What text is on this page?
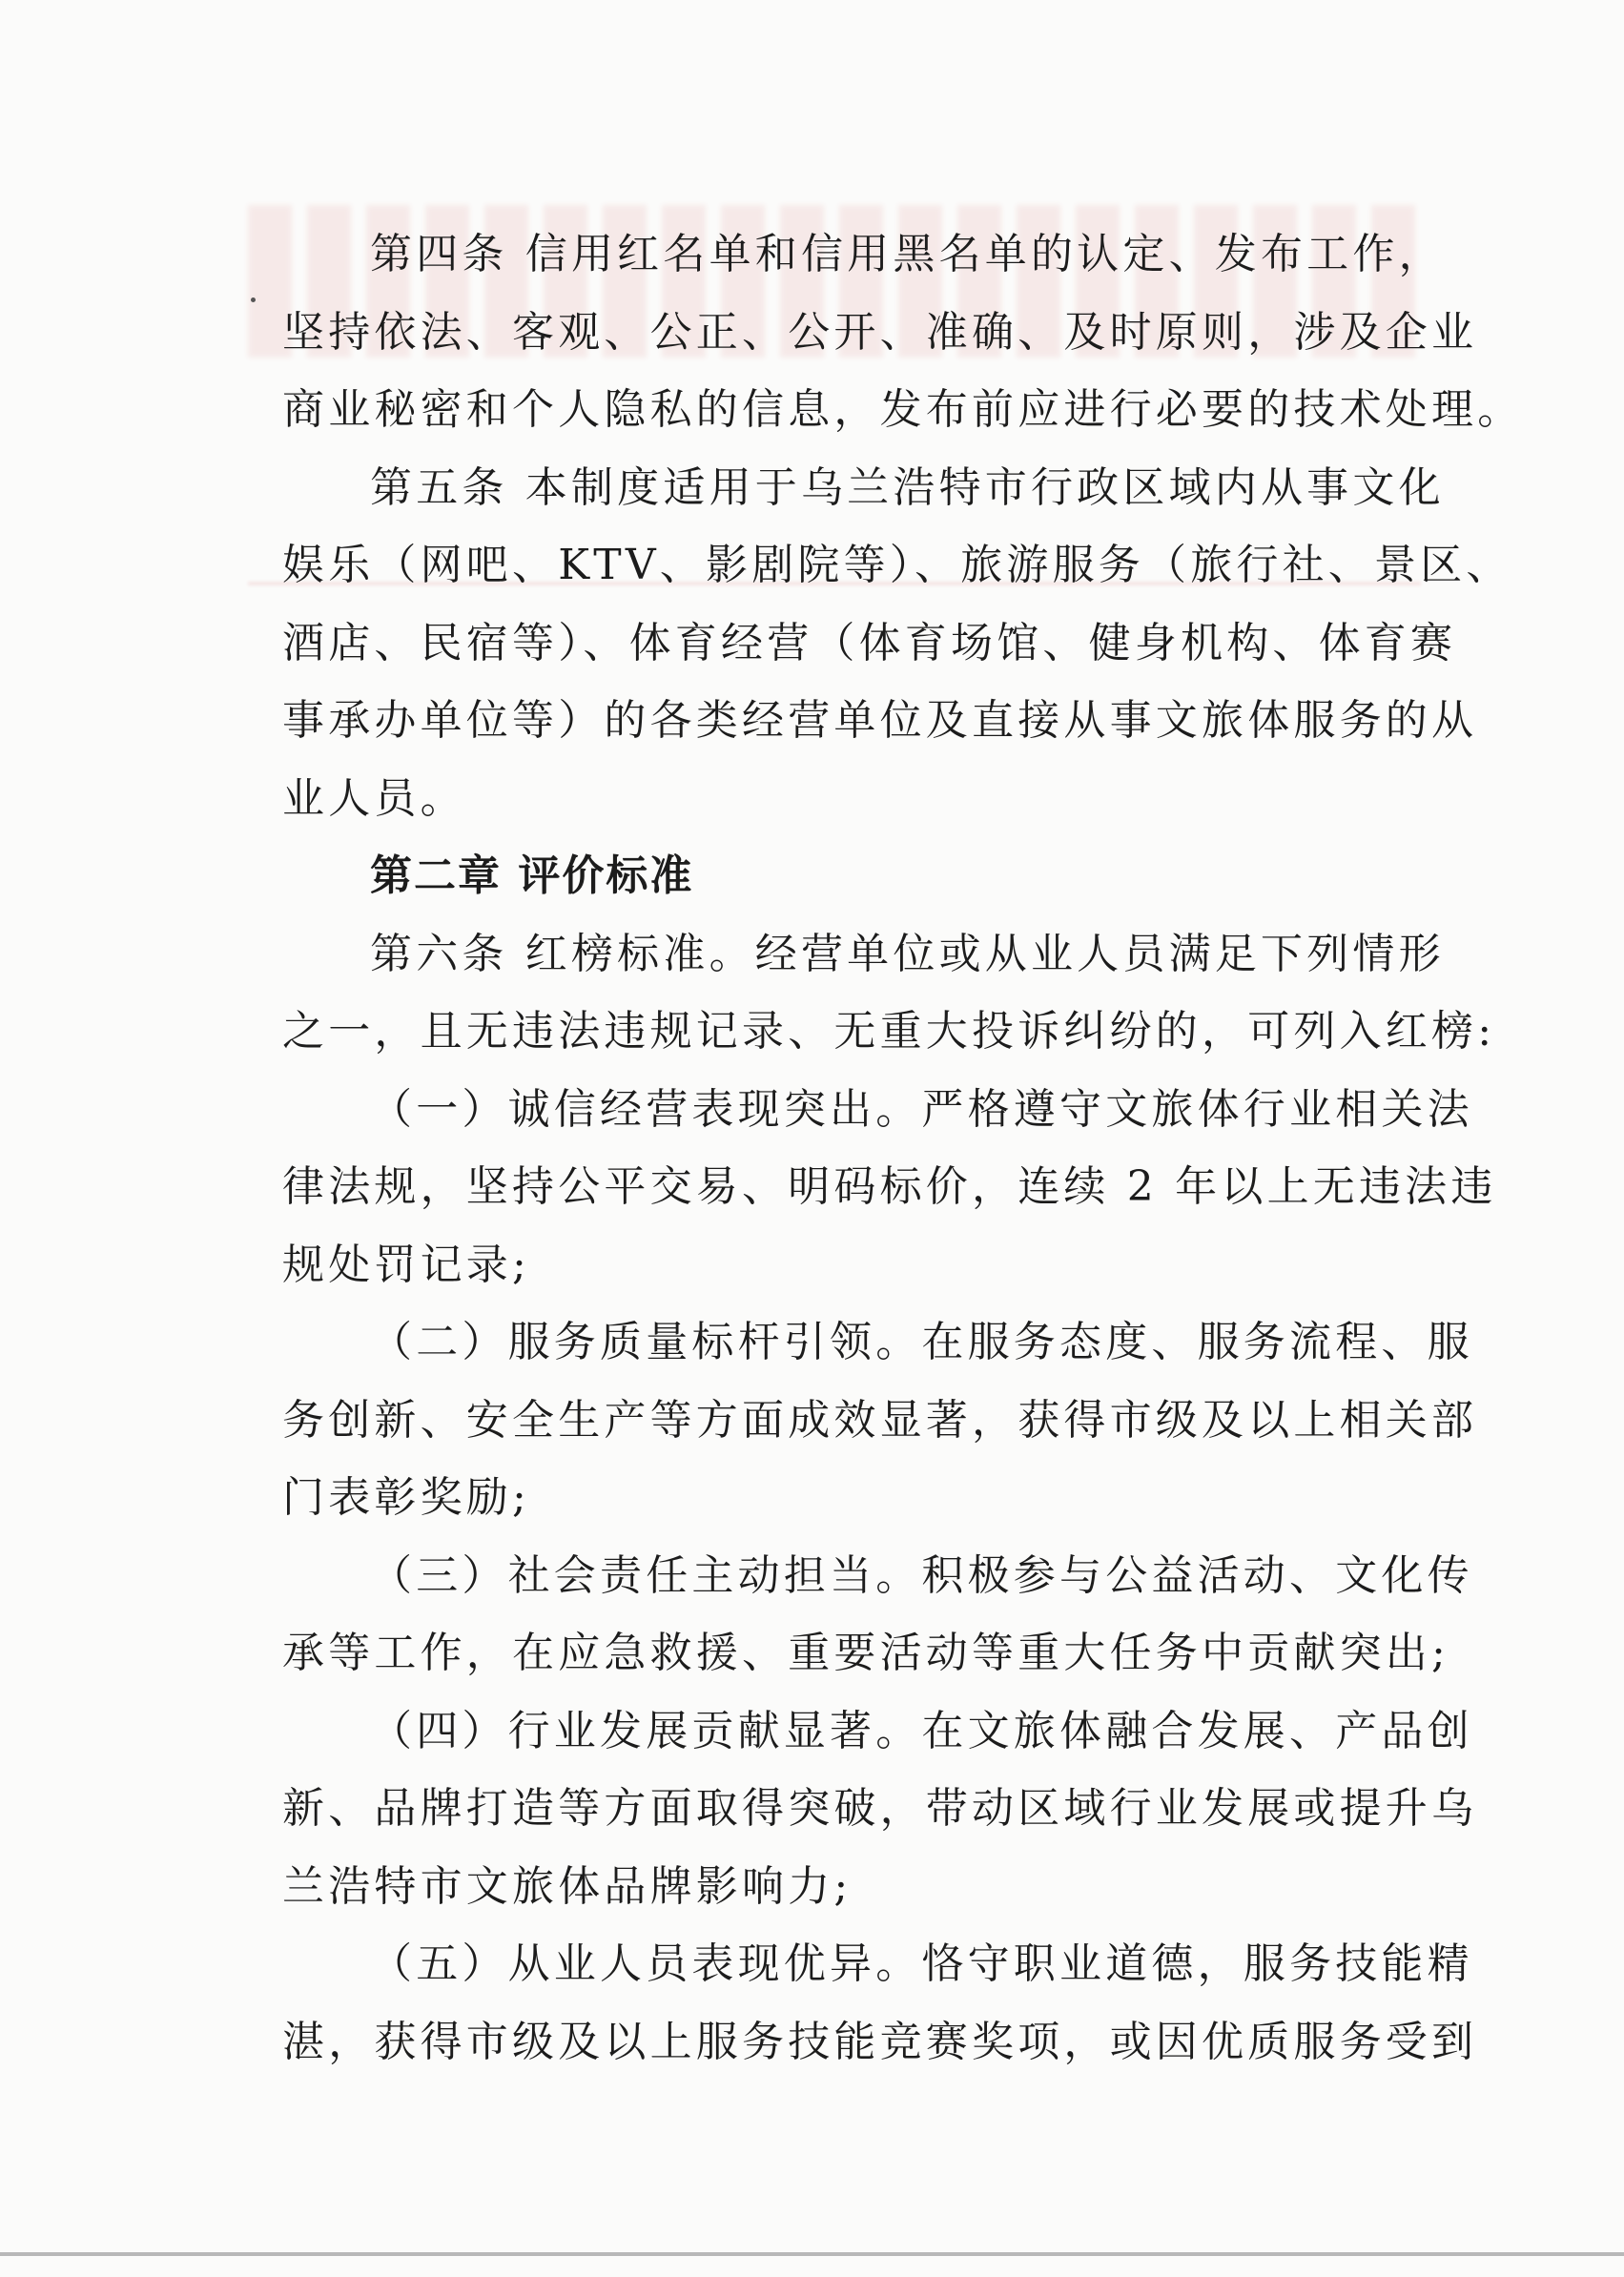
第四条 信用红名单和信用黑名单的认定、发布工作，
坚持依法、客观、公正、公开、准确、及时原则，涉及企业
商业秘密和个人隐私的信息，发布前应进行必要的技术处理。
第五条 本制度适用于乌兰浩特市行政区域内从事文化
娱乐（网吧、KTV、影剧院等）、旅游服务（旅行社、景区、
酒店、民宿等）、体育经营（体育场馆、健身机构、体育赛
事承办单位等）的各类经营单位及直接从事文旅体服务的从
业人员。
第二章 评价标准
第六条 红榜标准。经营单位或从业人员满足下列情形
之一，且无违法违规记录、无重大投诉纠纷的，可列入红榜:
（一）诚信经营表现突出。严格遵守文旅体行业相关法
律法规，坚持公平交易、明码标价，连续 2 年以上无违法违
规处罚记录;
（二）服务质量标杆引领。在服务态度、服务流程、服
务创新、安全生产等方面成效显著，获得市级及以上相关部
门表彰奖励;
（三）社会责任主动担当。积极参与公益活动、文化传
承等工作，在应急救援、重要活动等重大任务中贡献突出;
（四）行业发展贡献显著。在文旅体融合发展、产品创
新、品牌打造等方面取得突破，带动区域行业发展或提升乌
兰浩特市文旅体品牌影响力;
（五）从业人员表现优异。恪守职业道德，服务技能精
湛，获得市级及以上服务技能竞赛奖项，或因优质服务受到
